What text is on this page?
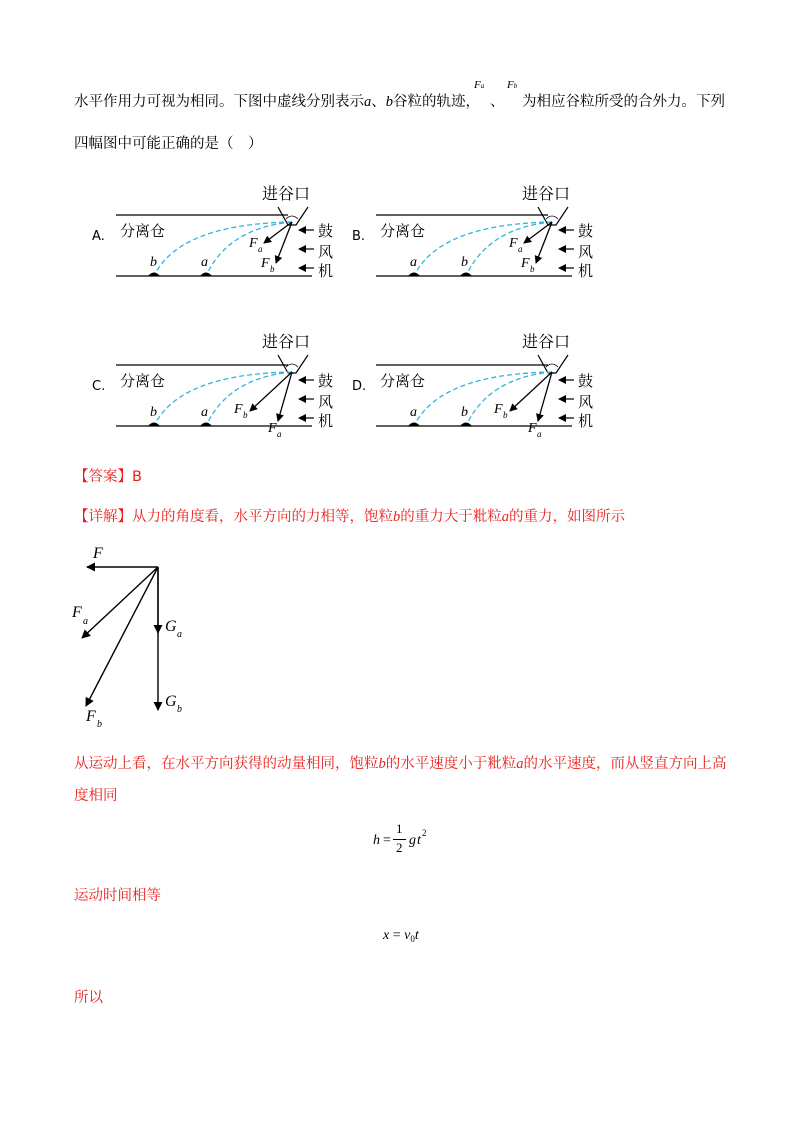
水平作用力可视为相同。下图中虚线分别表示a、b谷粒的轨迹，
Fa
、
Fb
为相应谷粒所受的合外力。下列
四幅图中可能正确的是（　）
A.
进谷口
分离仓	鼓
风
机
b	a
F a
F b
B.
进谷口
分离仓	鼓
风
机
a	b
F a
F b
C.
进谷口
分离仓	鼓
风
机
b	a F b
F a
D.
进谷口
分离仓	鼓
风
机
a	b F b
F a
【答案】B
【详解】从力的角度看，水平方向的力相等，饱粒b的重力大于粃粒a的重力，如图所示
F
F
a
F b
G a
G b
从运动上看，在水平方向获得的动量相同，饱粒b的水平速度小于粃粒a的水平速度，而从竖直方向上高
度相同
h =
1
2 g t 2
运动时间相等
$x = v_0t$
所以
